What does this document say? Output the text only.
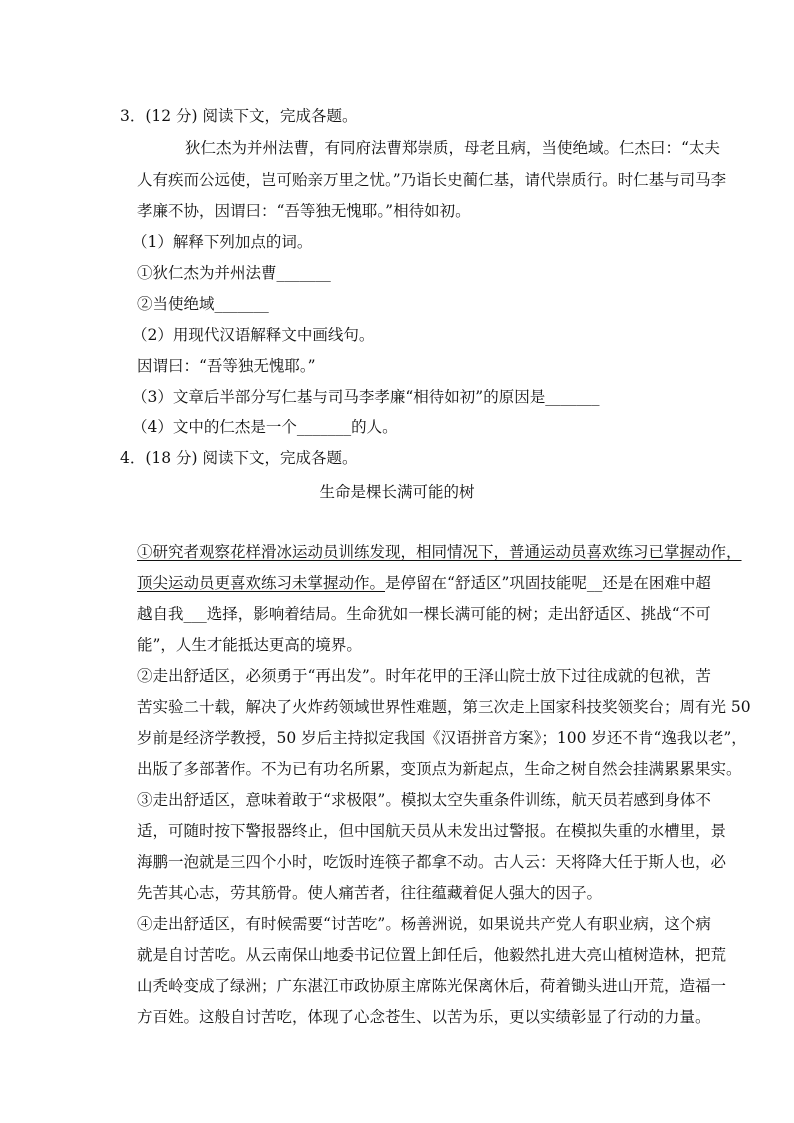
3．(12 分) 阅读下文，完成各题。
狄仁杰为并州法曹，有同府法曹郑崇质，母老且病，当使绝域。仁杰曰：“太夫
人有疾而公远使，岂可贻亲万里之忧。”乃诣长史蔺仁基，请代崇质行。时仁基与司马李
孝廉不协，因谓曰：“吾等独无愧耶。”相待如初。
（1）解释下列加点的词。
①狄仁杰为并州法曹_______
②当使绝域_______
（2）用现代汉语解释文中画线句。
因谓曰：“吾等独无愧耶。”
（3）文章后半部分写仁基与司马李孝廉“相待如初”的原因是_______
（4）文中的仁杰是一个_______的人。
4．(18 分) 阅读下文，完成各题。
生命是棵长满可能的树
①研究者观察花样滑冰运动员训练发现，相同情况下，普通运动员喜欢练习已掌握动作，
顶尖运动员更喜欢练习未掌握动作。是停留在“舒适区”巩固技能呢__还是在困难中超
越自我___选择，影响着结局。生命犹如一棵长满可能的树；走出舒适区、挑战“不可
能”，人生才能抵达更高的境界。
②走出舒适区，必须勇于“再出发”。时年花甲的王泽山院士放下过往成就的包袱，苦
苦实验二十载，解决了火炸药领域世界性难题，第三次走上国家科技奖领奖台；周有光 50
岁前是经济学教授，50 岁后主持拟定我国《汉语拼音方案》；100 岁还不肯“逸我以老”，
出版了多部著作。不为已有功名所累，变顶点为新起点，生命之树自然会挂满累累果实。
③走出舒适区，意味着敢于“求极限”。模拟太空失重条件训练，航天员若感到身体不
适，可随时按下警报器终止，但中国航天员从未发出过警报。在模拟失重的水槽里，景
海鹏一泡就是三四个小时，吃饭时连筷子都拿不动。古人云：天将降大任于斯人也，必
先苦其心志，劳其筋骨。使人痛苦者，往往蕴藏着促人强大的因子。
④走出舒适区，有时候需要“讨苦吃”。杨善洲说，如果说共产党人有职业病，这个病
就是自讨苦吃。从云南保山地委书记位置上卸任后，他毅然扎进大亮山植树造林，把荒
山秃岭变成了绿洲；广东湛江市政协原主席陈光保离休后，荷着锄头进山开荒，造福一
方百姓。这般自讨苦吃，体现了心念苍生、以苦为乐，更以实绩彰显了行动的力量。
